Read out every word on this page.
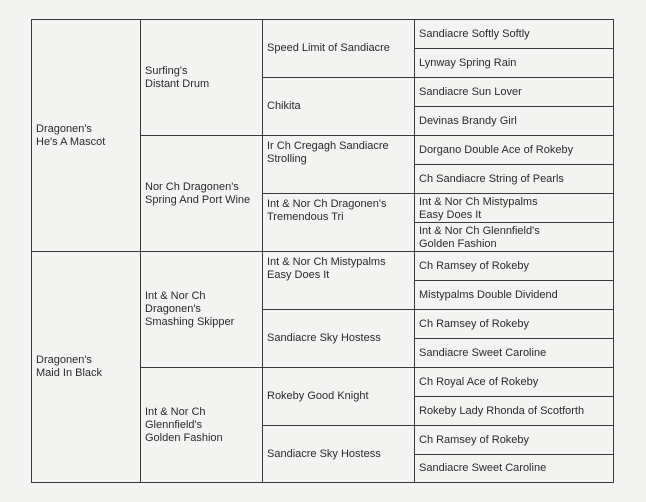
Dragonen's
He's A Mascot
Dragonen's
Maid In Black
Surfing's
Distant Drum
Nor Ch Dragonen's
Spring And Port Wine
Int & Nor Ch
Dragonen's
Smashing Skipper
Int & Nor Ch
Glennfield's
Golden Fashion
Speed Limit of Sandiacre
Chikita
Ir Ch Cregagh Sandiacre
Strolling
Int & Nor Ch Dragonen's
Tremendous Tri
Int & Nor Ch Mistypalms
Easy Does It
Sandiacre Sky Hostess
Rokeby Good Knight
Sandiacre Sky Hostess
Sandiacre Softly Softly
Lynway Spring Rain
Sandiacre Sun Lover
Devinas Brandy Girl
Dorgano Double Ace of Rokeby
Ch Sandiacre String of Pearls
Int & Nor Ch Mistypalms
Easy Does It
Int & Nor Ch Glennfield's
Golden Fashion
Ch Ramsey of Rokeby
Mistypalms Double Dividend
Ch Ramsey of Rokeby
Sandiacre Sweet Caroline
Ch Royal Ace of Rokeby
Rokeby Lady Rhonda of Scotforth
Ch Ramsey of Rokeby
Sandiacre Sweet Caroline
